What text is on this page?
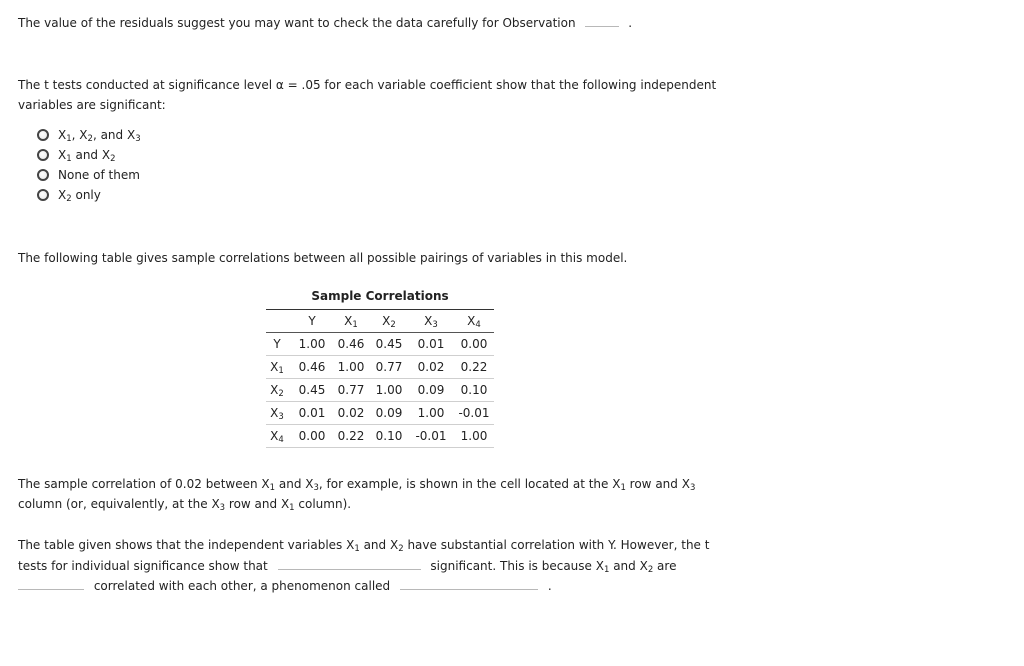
The value of the residuals suggest you may want to check the data carefully for Observation	.
The t tests conducted at significance level α = .05 for each variable coefficient show that the following independent
variables are significant:
$X_1$, $X_2$, and $X_3$
$X_1$ and $X_2$
None of them
$X_2$ only
The following table gives sample correlations between all possible pairings of variables in this model.
Sample Correlations
Y	$X_1$	$X_2$	$X_3$	$X_4$
Y	1.00	0.46 0.45	0.01	0.00
$X_1$	0.46	1.00 0.77	0.02	0.22
$X_2$	0.45	0.77 1.00	0.09	0.10
$X_3$	0.01	0.02 0.09	1.00	-0.01
$X_4$	0.00	0.22 0.10	-0.01	1.00
The sample correlation of 0.02 between $X_1$ and $X_3$, for example, is shown in the cell located at the $X_1$ row and $X_3$
column (or, equivalently, at the $X_3$ row and $X_1$ column).
The table given shows that the independent variables $X_1$ and $X_2$ have substantial correlation with Y. However, the t
tests for individual significance show that	significant. This is because $X_1$ and $X_2$ are
correlated with each other, a phenomenon called	.
